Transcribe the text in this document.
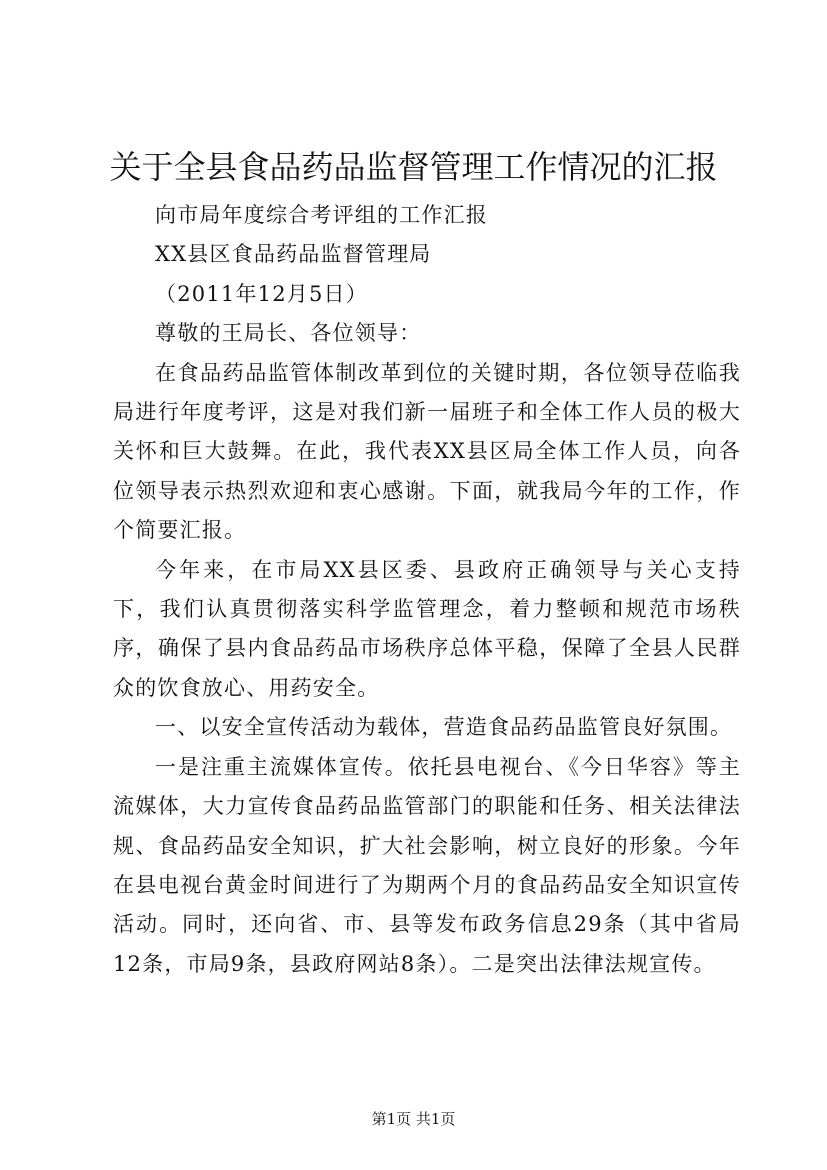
关于全县食品药品监督管理工作情况的汇报

向市局年度综合考评组的工作汇报

XX县区食品药品监督管理局

（2011年12月5日）

尊敬的王局长、各位领导：

在食品药品监管体制改革到位的关键时期，各位领导莅临我局进行年度考评，这是对我们新一届班子和全体工作人员的极大关怀和巨大鼓舞。在此，我代表XX县区局全体工作人员，向各位领导表示热烈欢迎和衷心感谢。下面，就我局今年的工作，作个简要汇报。

今年来，在市局XX县区委、县政府正确领导与关心支持下，我们认真贯彻落实科学监管理念，着力整顿和规范市场秩序，确保了县内食品药品市场秩序总体平稳，保障了全县人民群众的饮食放心、用药安全。

一、以安全宣传活动为载体，营造食品药品监管良好氛围。

一是注重主流媒体宣传。依托县电视台、《今日华容》等主流媒体，大力宣传食品药品监管部门的职能和任务、相关法律法规、食品药品安全知识，扩大社会影响，树立良好的形象。今年在县电视台黄金时间进行了为期两个月的食品药品安全知识宣传活动。同时，还向省、市、县等发布政务信息29条（其中省局12条，市局9条，县政府网站8条）。二是突出法律法规宣传。

第1页 共1页
